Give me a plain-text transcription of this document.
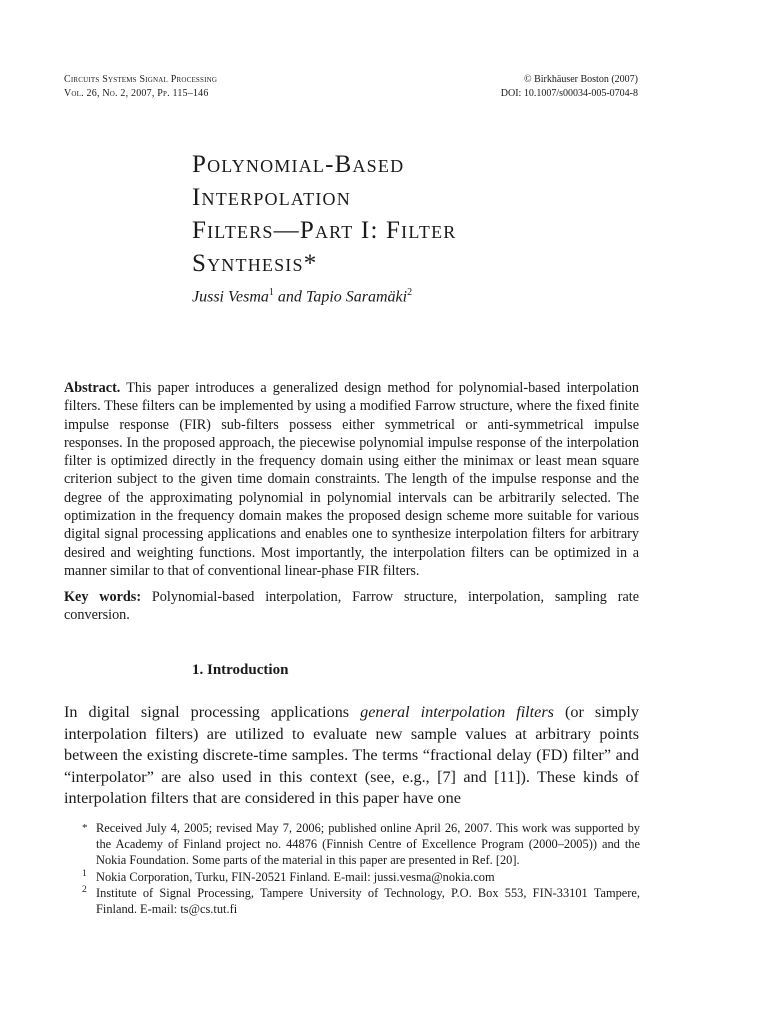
Circuits Systems Signal Processing
Vol. 26, No. 2, 2007, Pp. 115–146
© Birkhäuser Boston (2007)
DOI: 10.1007/s00034-005-0704-8
Polynomial-Based
Interpolation
Filters—Part I: Filter
Synthesis*
Jussi Vesma$^1$ and Tapio Saramäki$^2$
Abstract. This paper introduces a generalized design method for polynomial-based interpolation filters. These filters can be implemented by using a modified Farrow structure, where the fixed finite impulse response (FIR) sub-filters possess either symmetrical or anti-symmetrical impulse responses. In the proposed approach, the piecewise polynomial impulse response of the interpolation filter is optimized directly in the frequency domain using either the minimax or least mean square criterion subject to the given time domain constraints. The length of the impulse response and the degree of the approximating polynomial in polynomial intervals can be arbitrarily selected. The optimization in the frequency domain makes the proposed design scheme more suitable for various digital signal processing applications and enables one to synthesize interpolation filters for arbitrary desired and weighting functions. Most importantly, the interpolation filters can be optimized in a manner similar to that of conventional linear-phase FIR filters.
Key words: Polynomial-based interpolation, Farrow structure, interpolation, sampling rate conversion.
1. Introduction
In digital signal processing applications general interpolation filters (or simply interpolation filters) are utilized to evaluate new sample values at arbitrary points between the existing discrete-time samples. The terms “fractional delay (FD) filter” and “interpolator” are also used in this context (see, e.g., [7] and [11]). These kinds of interpolation filters that are considered in this paper have one
* Received July 4, 2005; revised May 7, 2006; published online April 26, 2007. This work was supported by the Academy of Finland project no. 44876 (Finnish Centre of Excellence Program (2000–2005)) and the Nokia Foundation. Some parts of the material in this paper are presented in Ref. [20].
1 Nokia Corporation, Turku, FIN-20521 Finland. E-mail: jussi.vesma@nokia.com
2 Institute of Signal Processing, Tampere University of Technology, P.O. Box 553, FIN-33101 Tampere, Finland. E-mail: ts@cs.tut.fi
